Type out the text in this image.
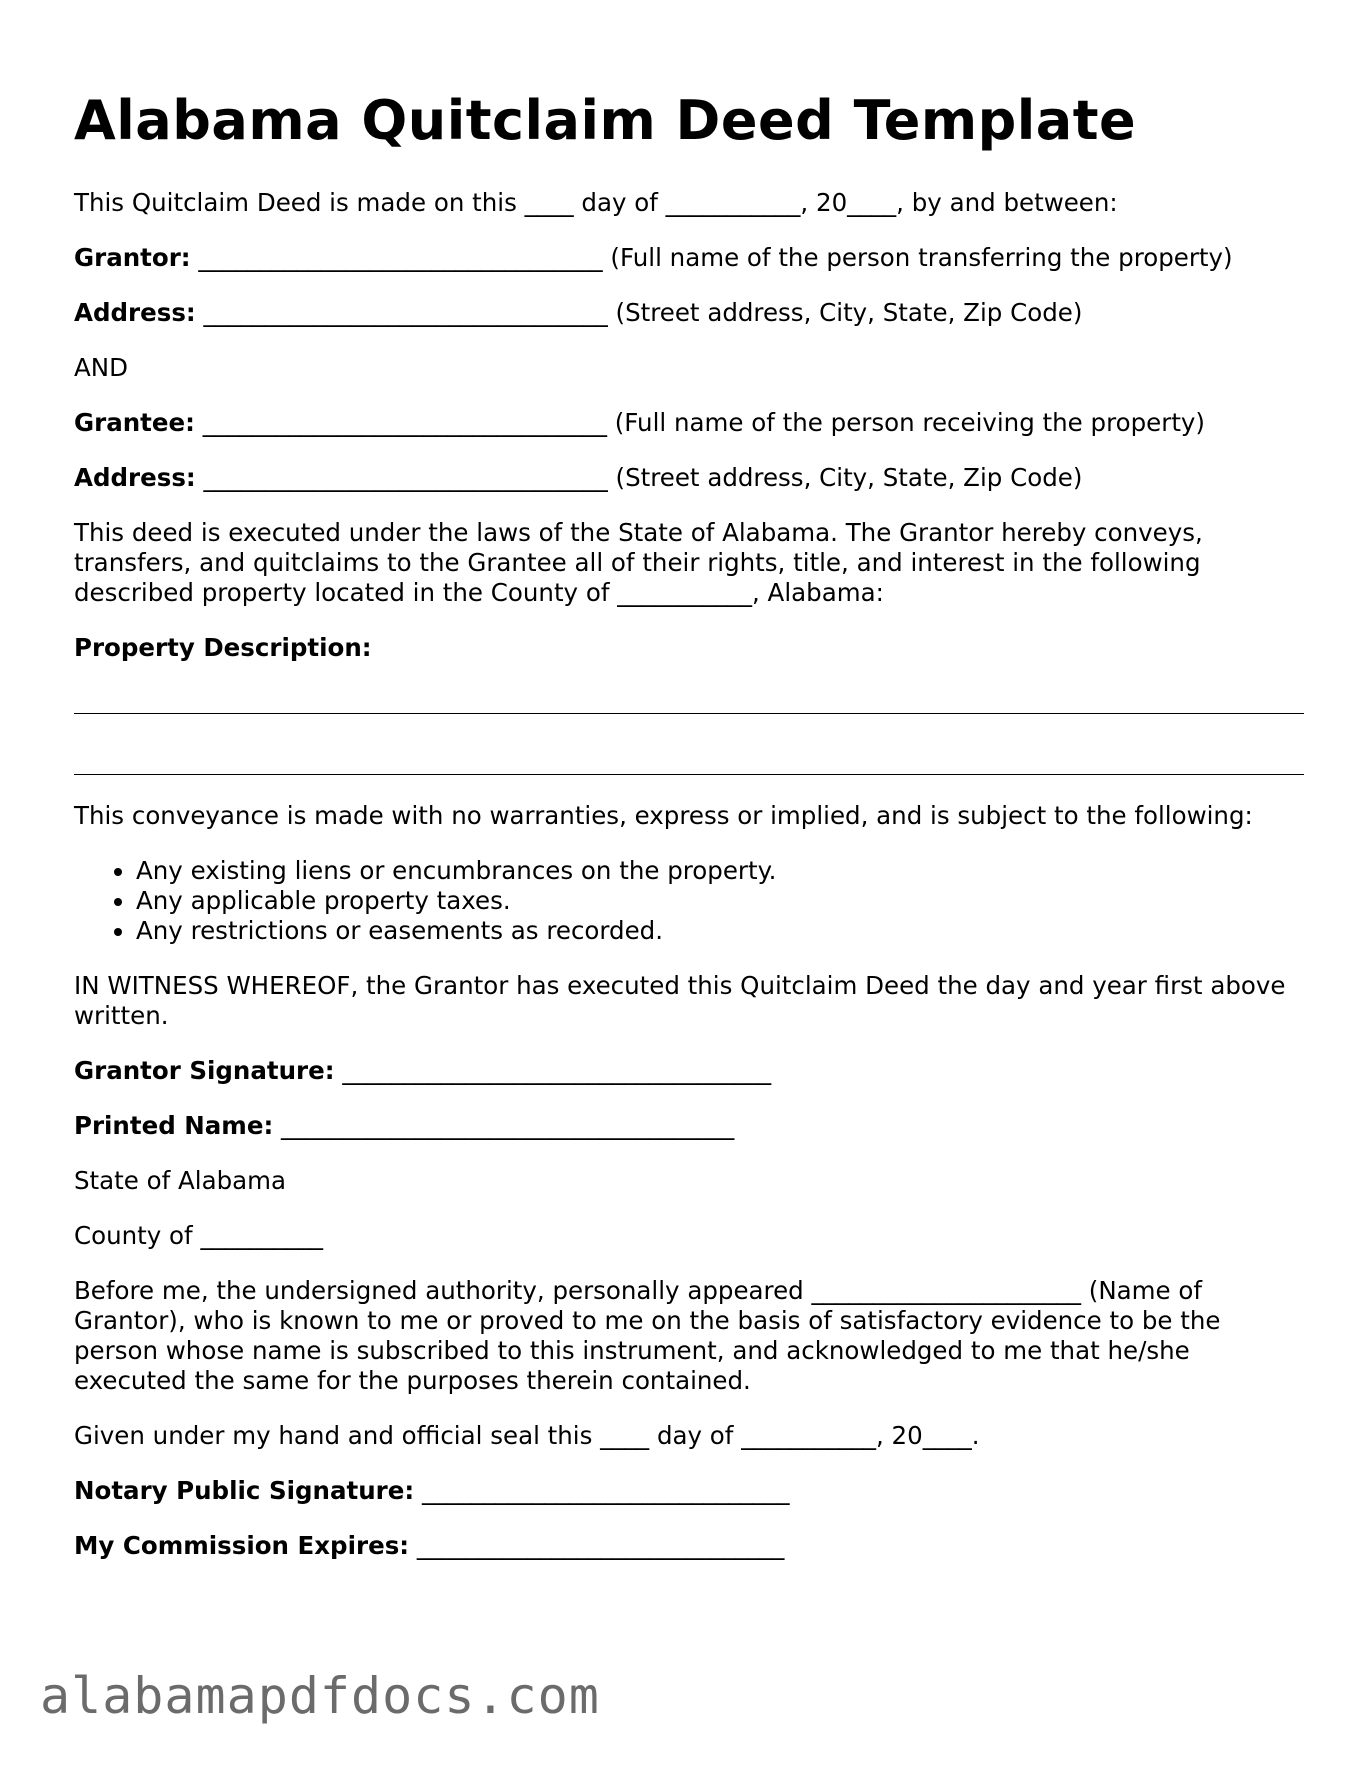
Alabama Quitclaim Deed Template

This Quitclaim Deed is made on this ____ day of ___________, 20____, by and between:

Grantor: _________________________________ (Full name of the person transferring the property)

Address: _________________________________ (Street address, City, State, Zip Code)

AND

Grantee: _________________________________ (Full name of the person receiving the property)

Address: _________________________________ (Street address, City, State, Zip Code)

This deed is executed under the laws of the State of Alabama. The Grantor hereby conveys, transfers, and quitclaims to the Grantee all of their rights, title, and interest in the following described property located in the County of ___________, Alabama:

Property Description:

This conveyance is made with no warranties, express or implied, and is subject to the following:

• Any existing liens or encumbrances on the property.
• Any applicable property taxes.
• Any restrictions or easements as recorded.

IN WITNESS WHEREOF, the Grantor has executed this Quitclaim Deed the day and year first above written.

Grantor Signature: ___________________________________

Printed Name: _____________________________________

State of Alabama

County of __________

Before me, the undersigned authority, personally appeared ______________________ (Name of Grantor), who is known to me or proved to me on the basis of satisfactory evidence to be the person whose name is subscribed to this instrument, and acknowledged to me that he/she executed the same for the purposes therein contained.

Given under my hand and official seal this ____ day of ___________, 20____.

Notary Public Signature: ______________________________

My Commission Expires: ______________________________

alabamapdfdocs.com
